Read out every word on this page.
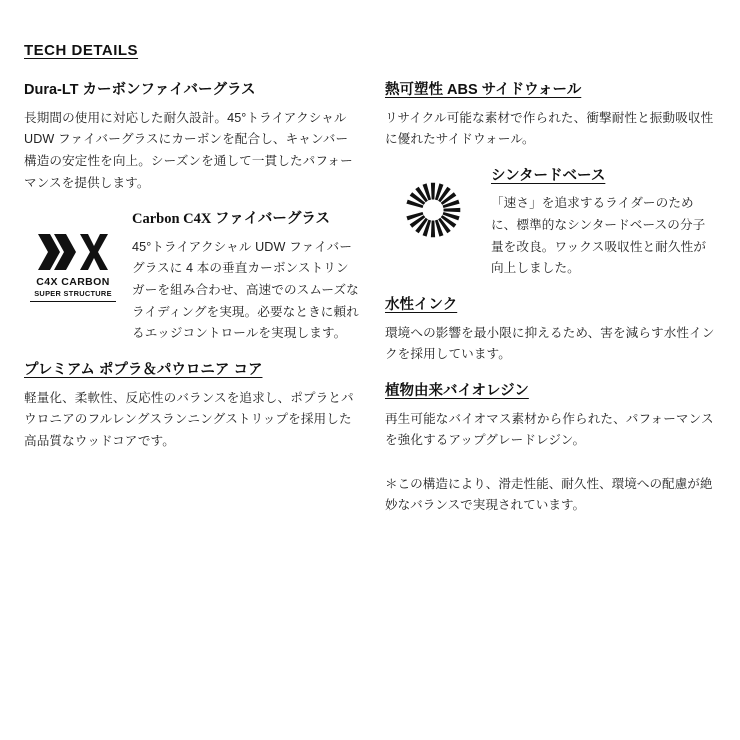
TECH DETAILS
Dura-LT カーボンファイバーグラス

長期間の使用に対応した耐久設計。45°トライアクシャル UDW ファイバーグラスにカーボンを配合し、キャンバー構造の安定性を向上。シーズンを通して一貫したパフォーマンスを提供します。

C4X CARBON
SUPER STRUCTURE
Carbon C4X ファイバーグラス

45°トライアクシャル UDW ファイバーグラスに 4 本の垂直カーボンストリンガーを組み合わせ、高速でのスムーズなライディングを実現。必要なときに頼れるエッジコントロールを実現します。

プレミアム ポプラ＆パウロニア コア

軽量化、柔軟性、反応性のバランスを追求し、ポプラとパウロニアのフルレングスランニングストリップを採用した高品質なウッドコアです。

熱可塑性 ABS サイドウォール

リサイクル可能な素材で作られた、衝撃耐性と振動吸収性に優れたサイドウォール。

シンタードベース

「速さ」を追求するライダーのために、標準的なシンタードベースの分子量を改良。ワックス吸収性と耐久性が向上しました。

水性インク

環境への影響を最小限に抑えるため、害を減らす水性インクを採用しています。

植物由来バイオレジン

再生可能なバイオマス素材から作られた、パフォーマンスを強化するアップグレードレジン。

＊この構造により、滑走性能、耐久性、環境への配慮が絶妙なバランスで実現されています。
